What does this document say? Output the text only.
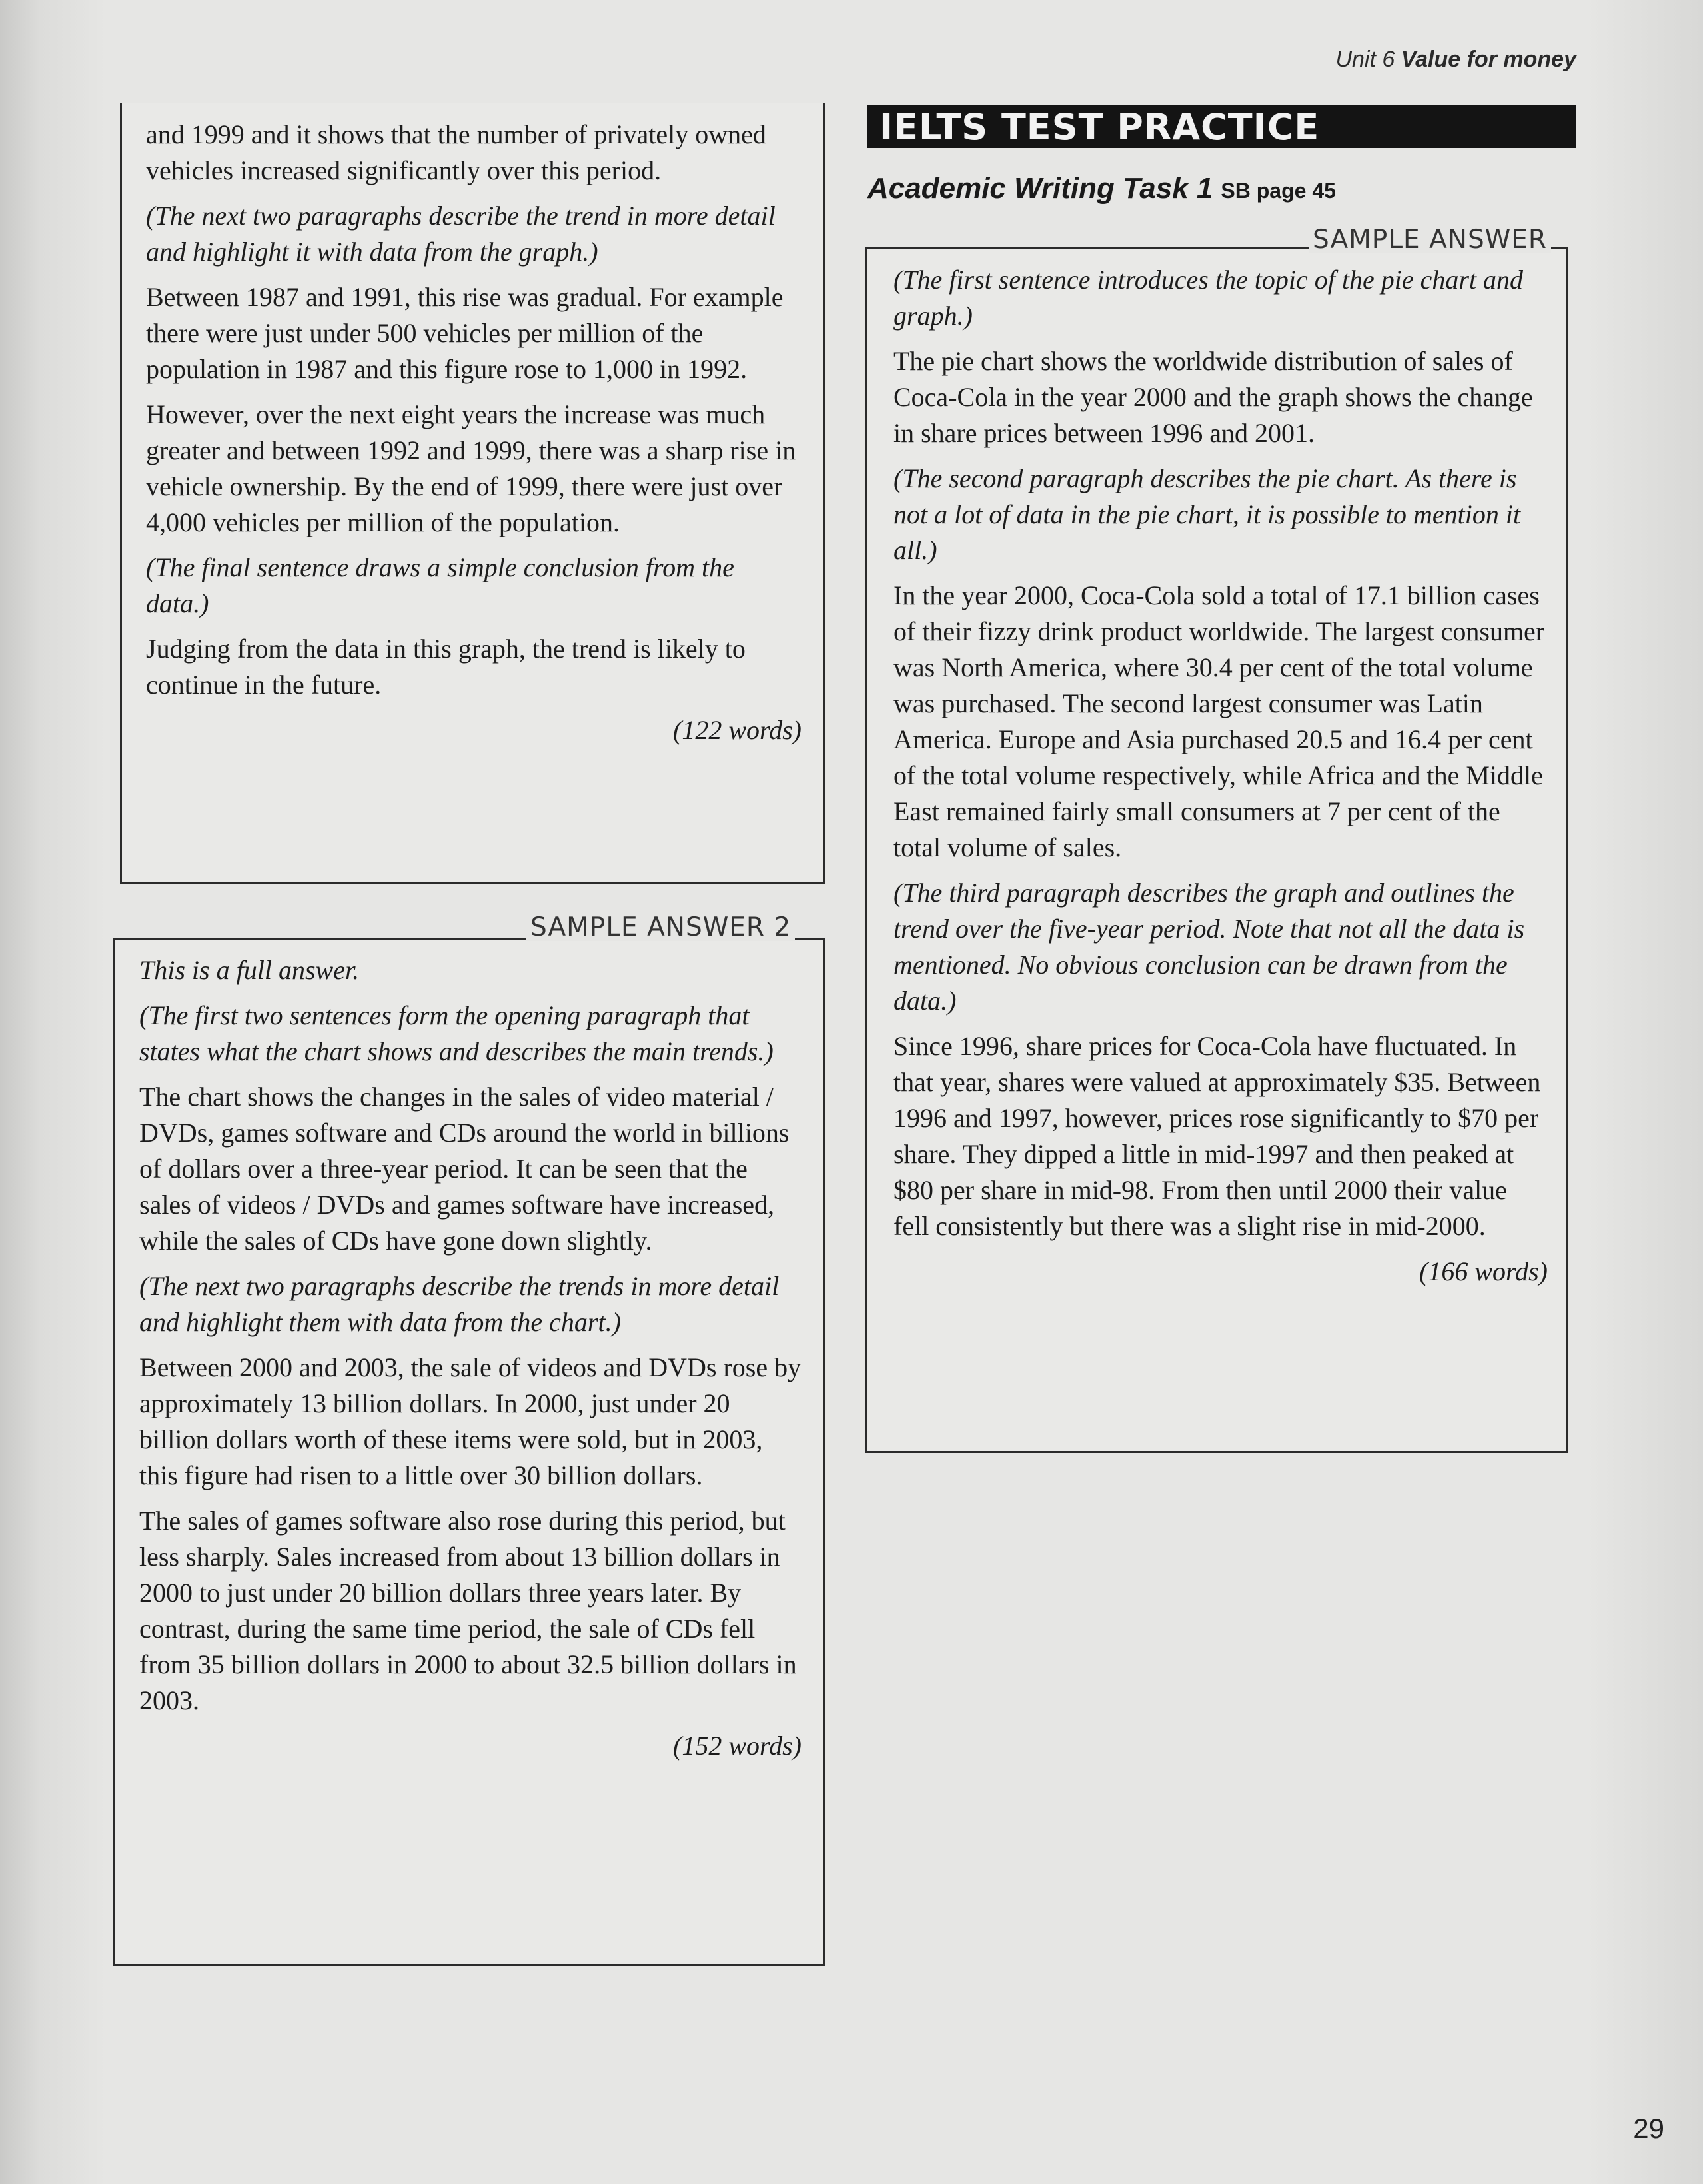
Unit 6 Value for money

and 1999 and it shows that the number of privately owned vehicles increased significantly over this period.

(The next two paragraphs describe the trend in more detail and highlight it with data from the graph.)

Between 1987 and 1991, this rise was gradual. For example there were just under 500 vehicles per million of the population in 1987 and this figure rose to 1,000 in 1992.

However, over the next eight years the increase was much greater and between 1992 and 1999, there was a sharp rise in vehicle ownership. By the end of 1999, there were just over 4,000 vehicles per million of the population.

(The final sentence draws a simple conclusion from the data.)

Judging from the data in this graph, the trend is likely to continue in the future.

(122 words)

This is a full answer.

(The first two sentences form the opening paragraph that states what the chart shows and describes the main trends.)

The chart shows the changes in the sales of video material / DVDs, games software and CDs around the world in billions of dollars over a three-year period. It can be seen that the sales of videos / DVDs and games software have increased, while the sales of CDs have gone down slightly.

(The next two paragraphs describe the trends in more detail and highlight them with data from the chart.)

Between 2000 and 2003, the sale of videos and DVDs rose by approximately 13 billion dollars. In 2000, just under 20 billion dollars worth of these items were sold, but in 2003, this figure had risen to a little over 30 billion dollars.

The sales of games software also rose during this period, but less sharply. Sales increased from about 13 billion dollars in 2000 to just under 20 billion dollars three years later. By contrast, during the same time period, the sale of CDs fell from 35 billion dollars in 2000 to about 32.5 billion dollars in 2003.

(152 words)

SAMPLE ANSWER 2
IELTS TEST PRACTICE
Academic Writing Task 1 SB page 45

(The first sentence introduces the topic of the pie chart and graph.)

The pie chart shows the worldwide distribution of sales of Coca-Cola in the year 2000 and the graph shows the change in share prices between 1996 and 2001.

(The second paragraph describes the pie chart. As there is not a lot of data in the pie chart, it is possible to mention it all.)

In the year 2000, Coca-Cola sold a total of 17.1 billion cases of their fizzy drink product worldwide. The largest consumer was North America, where 30.4 per cent of the total volume was purchased. The second largest consumer was Latin America. Europe and Asia purchased 20.5 and 16.4 per cent of the total volume respectively, while Africa and the Middle East remained fairly small consumers at 7 per cent of the total volume of sales.

(The third paragraph describes the graph and outlines the trend over the five-year period. Note that not all the data is mentioned. No obvious conclusion can be drawn from the data.)

Since 1996, share prices for Coca-Cola have fluctuated. In that year, shares were valued at approximately $35. Between 1996 and 1997, however, prices rose significantly to $70 per share. They dipped a little in mid-1997 and then peaked at $80 per share in mid-98. From then until 2000 their value fell consistently but there was a slight rise in mid-2000.

(166 words)

SAMPLE ANSWER
29
